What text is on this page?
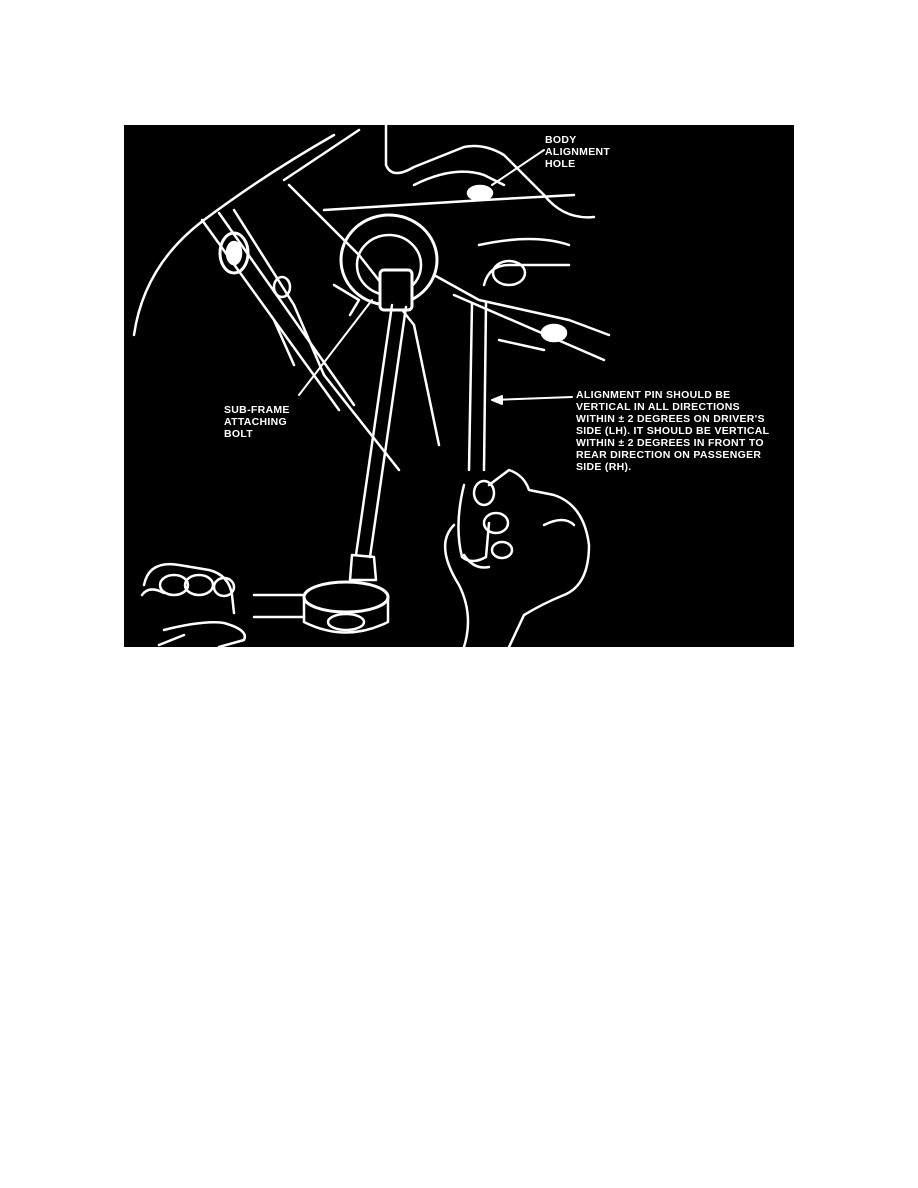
BODY
ALIGNMENT
HOLE
SUB-FRAME
ATTACHING
BOLT
ALIGNMENT PIN SHOULD BE
VERTICAL IN ALL DIRECTIONS
WITHIN ± 2 DEGREES ON DRIVER'S
SIDE (LH). IT SHOULD BE VERTICAL
WITHIN ± 2 DEGREES IN FRONT TO
REAR DIRECTION ON PASSENGER
SIDE (RH).
